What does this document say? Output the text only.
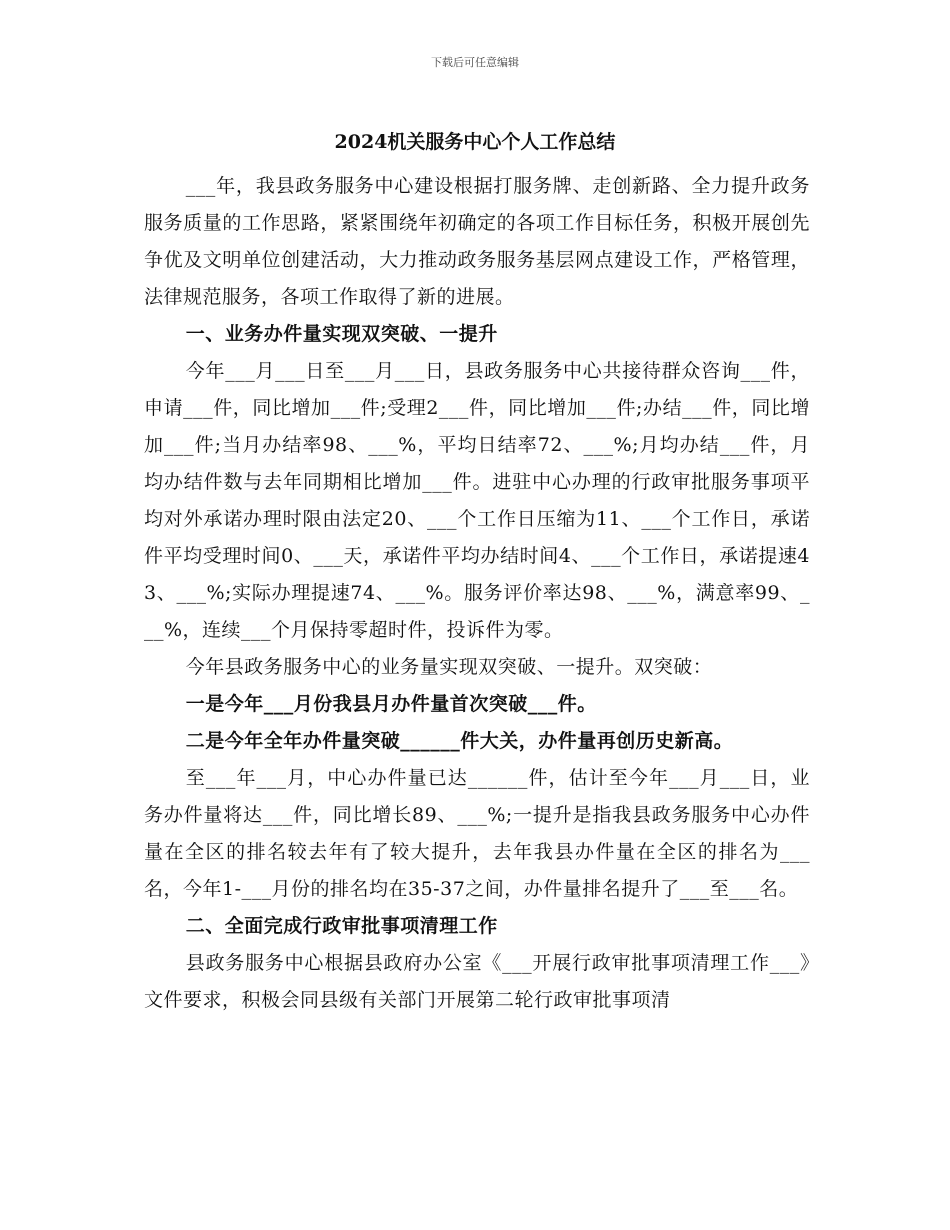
下载后可任意编辑
2024机关服务中心个人工作总结

___年，我县政务服务中心建设根据打服务牌、走创新路、全力提升政务服务质量的工作思路，紧紧围绕年初确定的各项工作目标任务，积极开展创先争优及文明单位创建活动，大力推动政务服务基层网点建设工作，严格管理，法律规范服务，各项工作取得了新的进展。

一、业务办件量实现双突破、一提升

今年___月___日至___月___日，县政务服务中心共接待群众咨询___件，申请___件，同比增加___件;受理2___件，同比增加___件;办结___件，同比增加___件;当月办结率98、___%，平均日结率72、___%;月均办结___件，月均办结件数与去年同期相比增加___件。进驻中心办理的行政审批服务事项平均对外承诺办理时限由法定20、___个工作日压缩为11、___个工作日，承诺件平均受理时间0、___天，承诺件平均办结时间4、___个工作日，承诺提速43、___%;实际办理提速74、___%。服务评价率达98、___%，满意率99、___%，连续___个月保持零超时件，投诉件为零。

今年县政务服务中心的业务量实现双突破、一提升。双突破：

一是今年___月份我县月办件量首次突破___件。

二是今年全年办件量突破______件大关，办件量再创历史新高。

至___年___月，中心办件量已达______件，估计至今年___月___日，业务办件量将达___件，同比增长89、___%;一提升是指我县政务服务中心办件量在全区的排名较去年有了较大提升，去年我县办件量在全区的排名为___名，今年1-___月份的排名均在35-37之间，办件量排名提升了___至___名。

二、全面完成行政审批事项清理工作

县政务服务中心根据县政府办公室《___开展行政审批事项清理工作___》文件要求，积极会同县级有关部门开展第二轮行政审批事项清
